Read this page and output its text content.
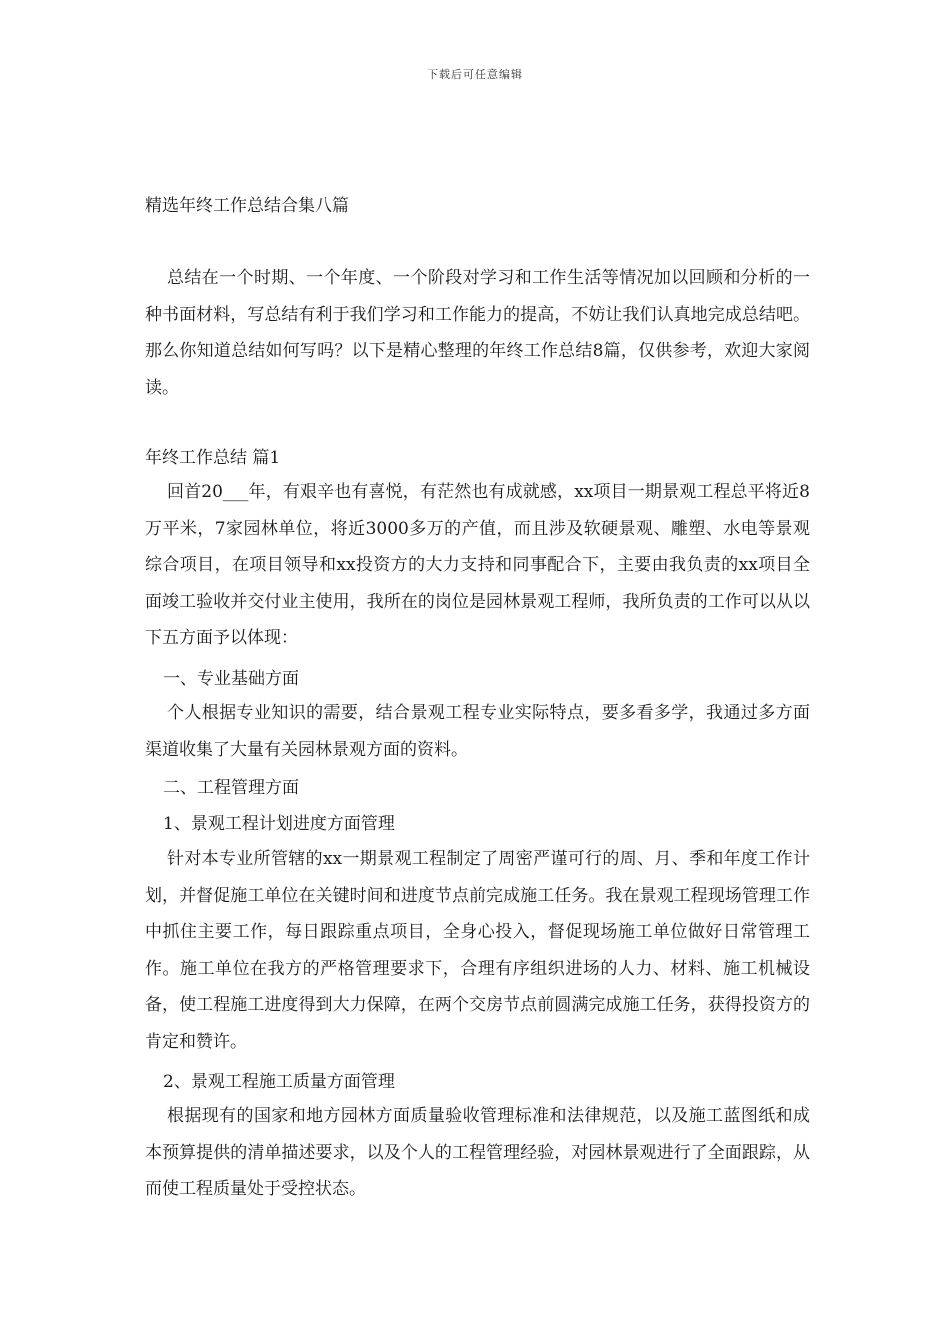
下载后可任意编辑
精选年终工作总结合集八篇

总结在一个时期、一个年度、一个阶段对学习和工作生活等情况加以回顾和分析的一种书面材料，写总结有利于我们学习和工作能力的提高，不妨让我们认真地完成总结吧。那么你知道总结如何写吗？以下是精心整理的年终工作总结8篇，仅供参考，欢迎大家阅读。

年终工作总结 篇1

回首20___年，有艰辛也有喜悦，有茫然也有成就感，xx项目一期景观工程总平将近8万平米，7家园林单位，将近3000多万的产值，而且涉及软硬景观、雕塑、水电等景观综合项目，在项目领导和xx投资方的大力支持和同事配合下，主要由我负责的xx项目全面竣工验收并交付业主使用，我所在的岗位是园林景观工程师，我所负责的工作可以从以下五方面予以体现：

一、专业基础方面

个人根据专业知识的需要，结合景观工程专业实际特点，要多看多学，我通过多方面渠道收集了大量有关园林景观方面的资料。

二、工程管理方面
1、景观工程计划进度方面管理

针对本专业所管辖的xx一期景观工程制定了周密严谨可行的周、月、季和年度工作计划，并督促施工单位在关键时间和进度节点前完成施工任务。我在景观工程现场管理工作中抓住主要工作，每日跟踪重点项目，全身心投入，督促现场施工单位做好日常管理工作。施工单位在我方的严格管理要求下，合理有序组织进场的人力、材料、施工机械设备，使工程施工进度得到大力保障，在两个交房节点前圆满完成施工任务，获得投资方的肯定和赞许。

2、景观工程施工质量方面管理

根据现有的国家和地方园林方面质量验收管理标准和法律规范，以及施工蓝图纸和成本预算提供的清单描述要求，以及个人的工程管理经验，对园林景观进行了全面跟踪，从而使工程质量处于受控状态。
